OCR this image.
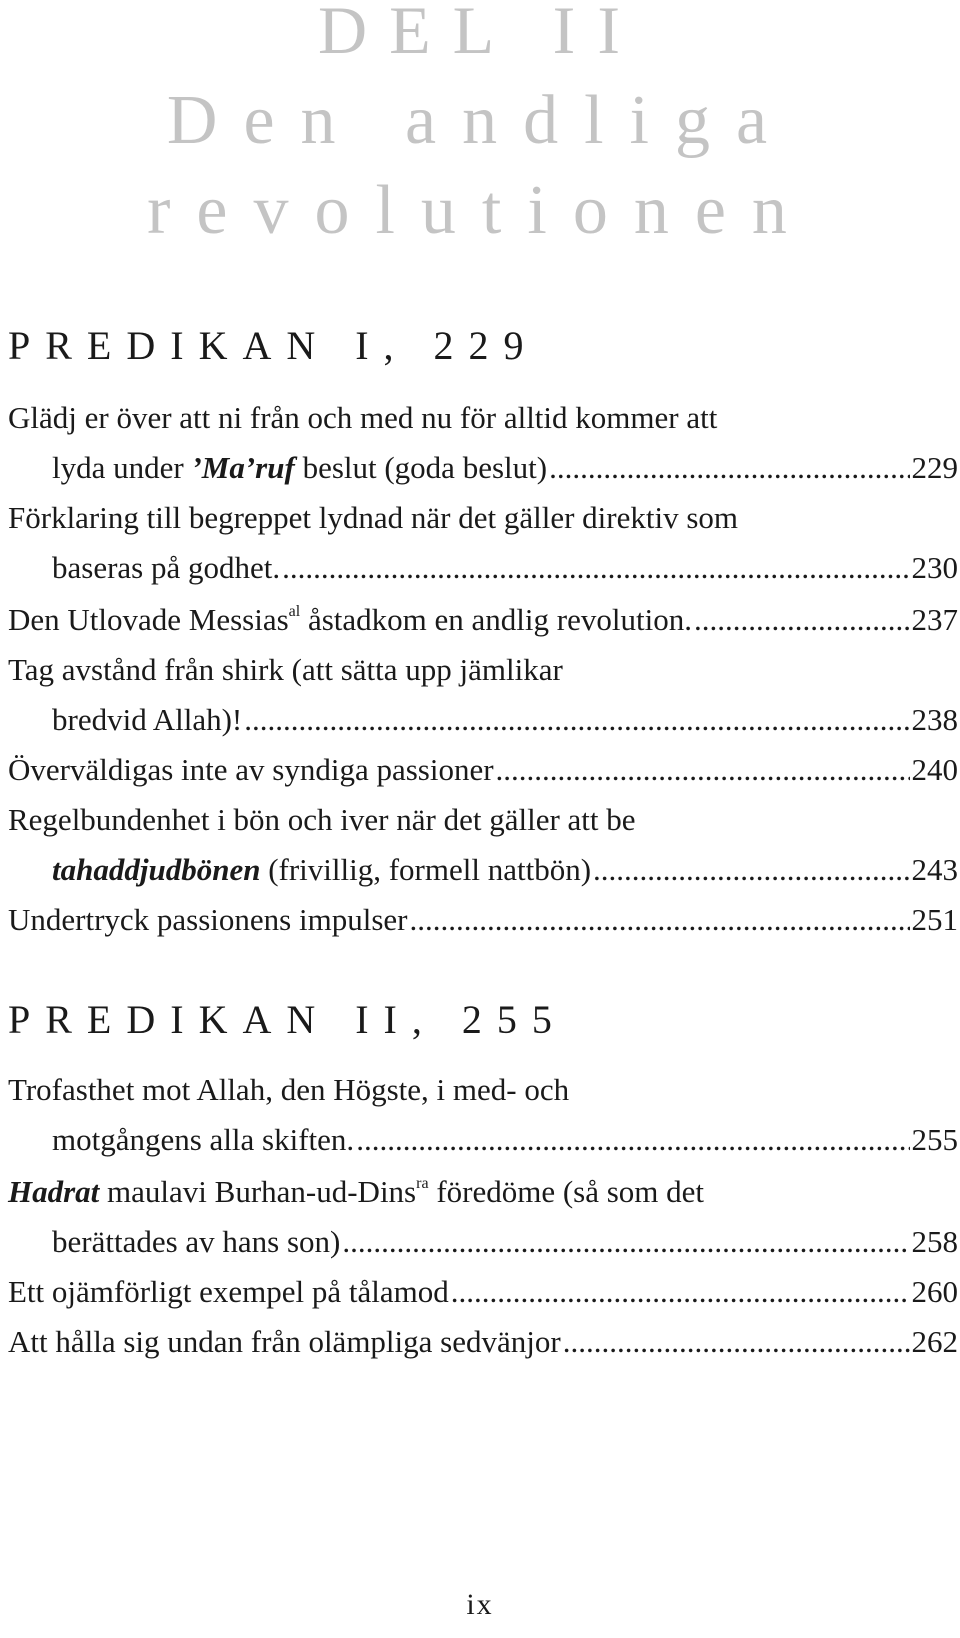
DEL II
Den andliga
revolutionen
PREDIKAN I, 229
Glädj er över att ni från och med nu för alltid kommer att
lyda under ’Ma’ruf beslut (goda beslut) .....	229
Förklaring till begreppet lydnad när det gäller direktiv som
baseras på godhet. .....	230
Den Utlovade Messias$^{al}$ åstadkom en andlig revolution. .....	237
Tag avstånd från shirk (att sätta upp jämlikar
bredvid Allah)! .....	238
Överväldigas inte av syndiga passioner .....	240
Regelbundenhet i bön och iver när det gäller att be
tahaddjudbönen (frivillig, formell nattbön) .....	243
Undertryck passionens impulser .....	251
PREDIKAN II, 255
Trofasthet mot Allah, den Högste, i med- och
motgångens alla skiften. .....	255
Hadrat maulavi Burhan-ud-Dins$^{ra}$ föredöme (så som det
berättades av hans son) .....	258
Ett ojämförligt exempel på tålamod .....	260
Att hålla sig undan från olämpliga sedvänjor .....	262
ix
